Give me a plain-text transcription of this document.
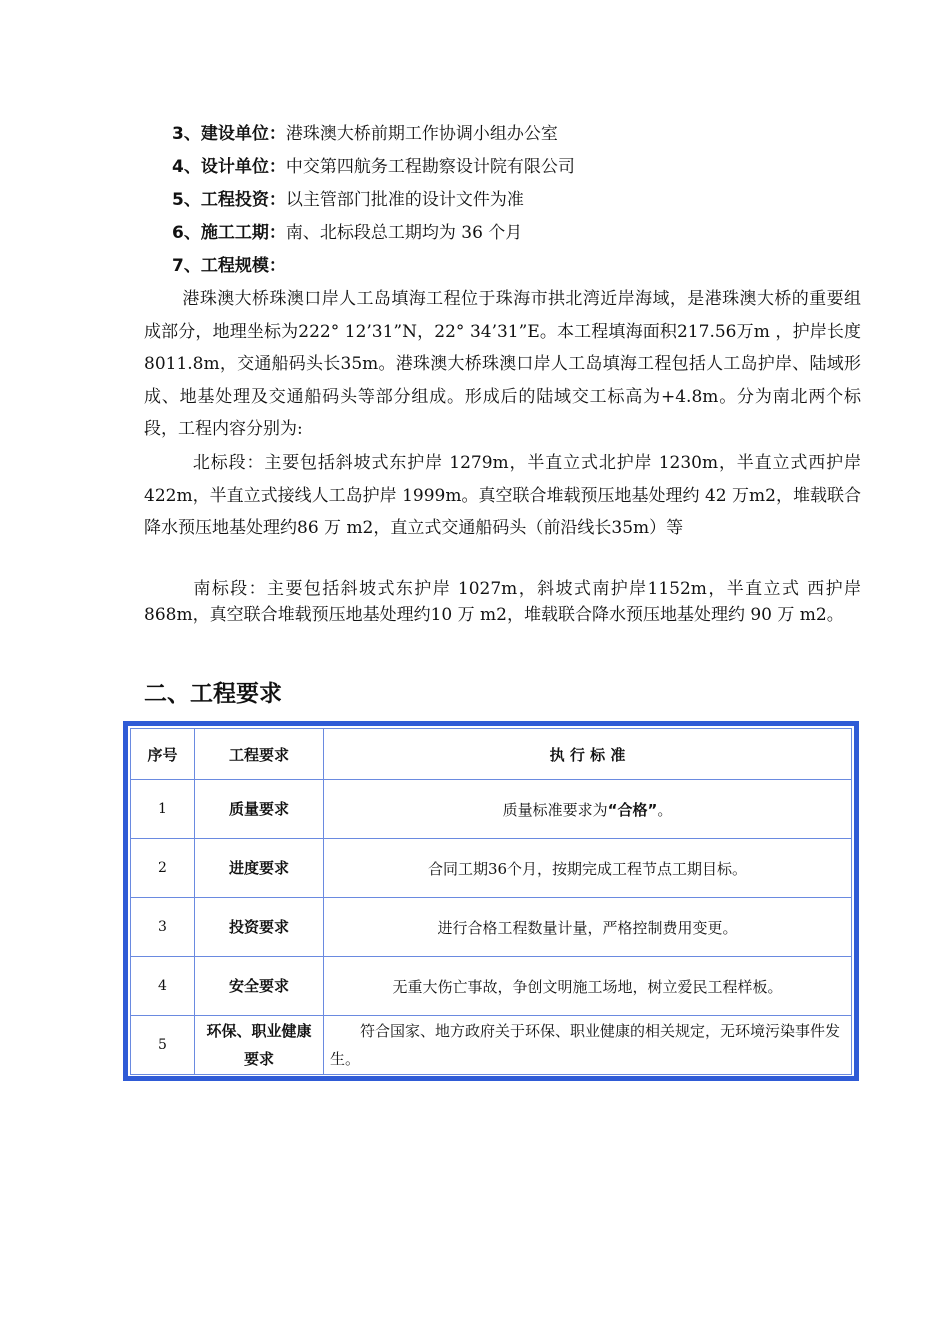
3、建设单位：港珠澳大桥前期工作协调小组办公室
4、设计单位：中交第四航务工程勘察设计院有限公司
5、工程投资：以主管部门批准的设计文件为准
6、施工工期：南、北标段总工期均为 36 个月
7、工程规模：
港珠澳大桥珠澳口岸人工岛填海工程位于珠海市拱北湾近岸海域，是港珠澳大桥的重要组成部分，地理坐标为222° 12’31”N，22° 34’31”E。本工程填海面积217.56万m ，护岸长度8011.8m，交通船码头长35m。港珠澳大桥珠澳口岸人工岛填海工程包括人工岛护岸、陆域形成、地基处理及交通船码头等部分组成。形成后的陆域交工标高为+4.8m。分为南北两个标段，工程内容分别为:
北标段：主要包括斜坡式东护岸 1279m，半直立式北护岸 1230m，半直立式西护岸 422m，半直立式接线人工岛护岸 1999m。真空联合堆载预压地基处理约 42 万m2，堆载联合降水预压地基处理约86 万 m2，直立式交通船码头（前沿线长35m）等
南标段：主要包括斜坡式东护岸 1027m，斜坡式南护岸1152m，半直立式 西护岸868m，真空联合堆载预压地基处理约10 万 m2，堆载联合降水预压地基处理约 90 万 m2。
二、工程要求
序号	工程要求	执 行 标 准
1	质量要求	质量标准要求为“合格”。
2	进度要求	合同工期36个月，按期完成工程节点工期目标。
3	投资要求	进行合格工程数量计量，严格控制费用变更。
4	安全要求	无重大伤亡事故，争创文明施工场地，树立爱民工程样板。
5	环保、职业健康要求	符合国家、地方政府关于环保、职业健康的相关规定，无环境污染事件发生。
